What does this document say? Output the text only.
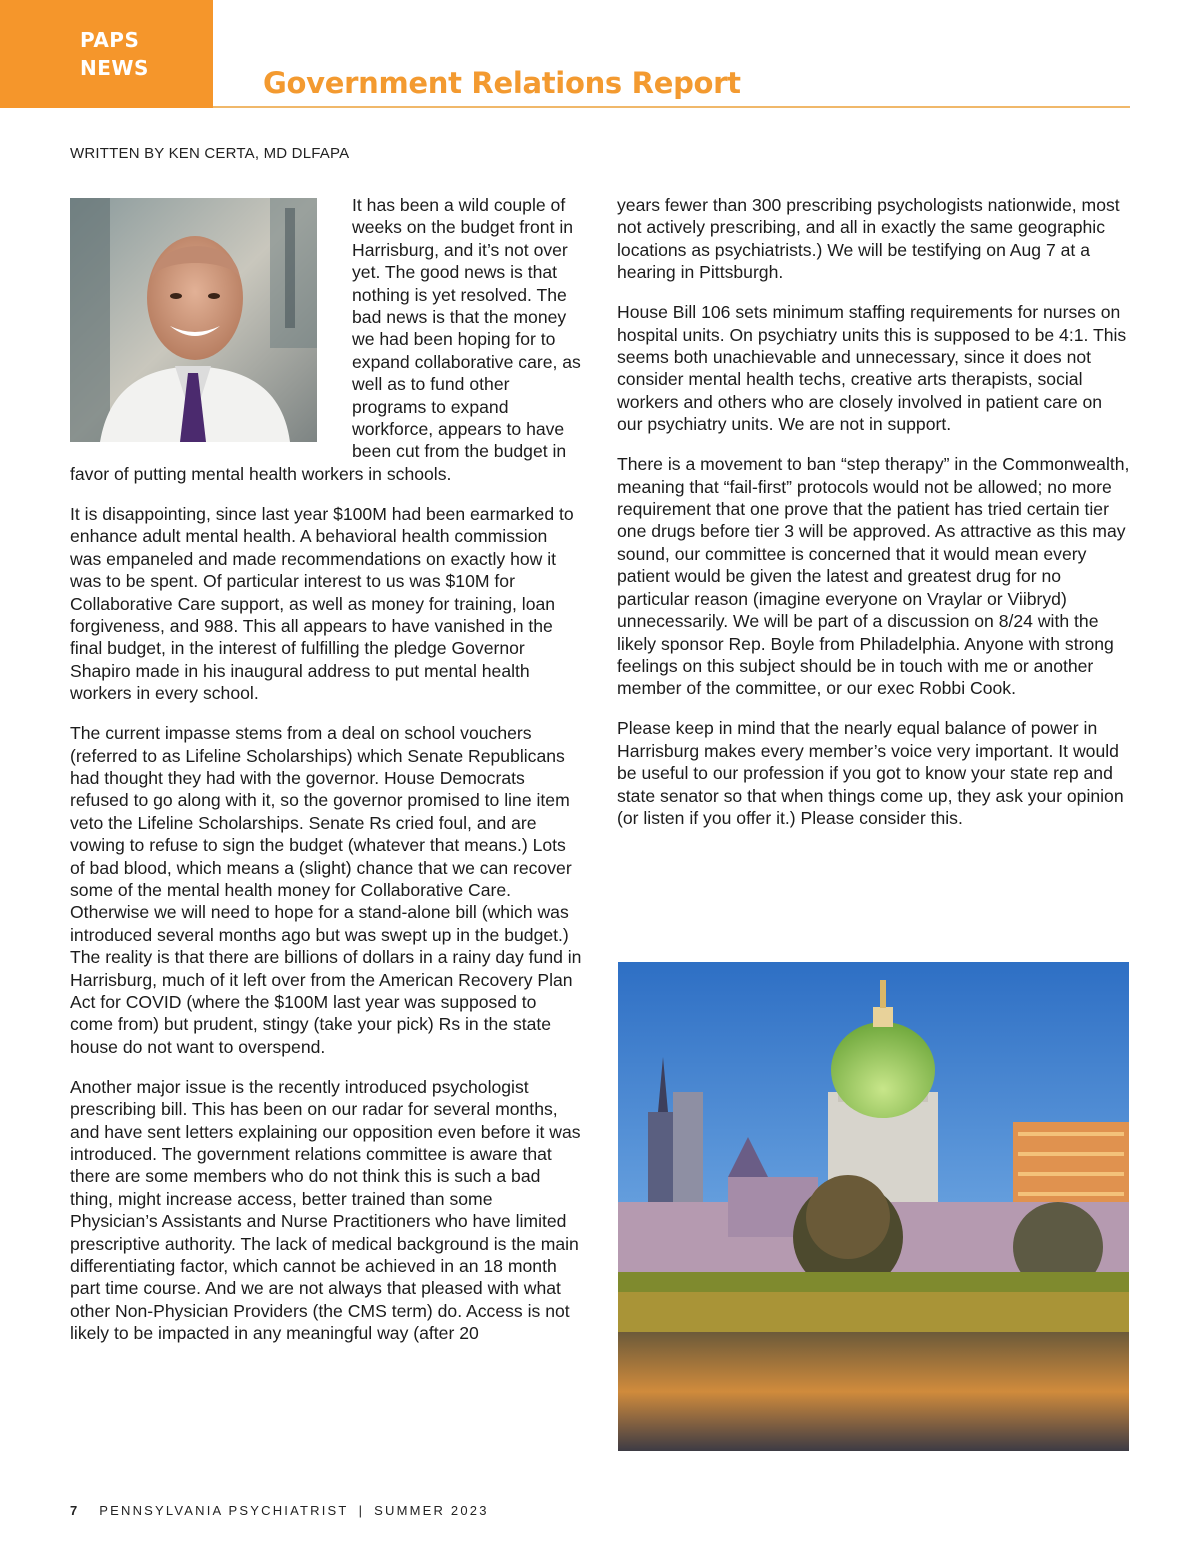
PAPS
NEWS	Government Relations Report
WRITTEN BY KEN CERTA, MD DLFAPA

It has been a wild couple of weeks on the budget front in Harrisburg, and it’s not over yet. The good news is that nothing is yet resolved. The bad news is that the money we had been hoping for to expand collaborative care, as well as to fund other programs to expand workforce, appears to have been cut from the budget in favor of putting mental health workers in schools.

It is disappointing, since last year $100M had been earmarked to enhance adult mental health. A behavioral health commission was empaneled and made recommendations on exactly how it was to be spent. Of particular interest to us was $10M for Collaborative Care support, as well as money for training, loan forgiveness, and 988. This all appears to have vanished in the final budget, in the interest of fulfilling the pledge Governor Shapiro made in his inaugural address to put mental health workers in every school.

The current impasse stems from a deal on school vouchers (referred to as Lifeline Scholarships) which Senate Republicans had thought they had with the governor. House Democrats refused to go along with it, so the governor promised to line item veto the Lifeline Scholarships. Senate Rs cried foul, and are vowing to refuse to sign the budget (whatever that means.) Lots of bad blood, which means a (slight) chance that we can recover some of the mental health money for Collaborative Care. Otherwise we will need to hope for a stand-alone bill (which was introduced several months ago but was swept up in the budget.) The reality is that there are billions of dollars in a rainy day fund in Harrisburg, much of it left over from the American Recovery Plan Act for COVID (where the $100M last year was supposed to come from) but prudent, stingy (take your pick) Rs in the state house do not want to overspend.

Another major issue is the recently introduced psychologist prescribing bill. This has been on our radar for several months, and have sent letters explaining our opposition even before it was introduced. The government relations committee is aware that there are some members who do not think this is such a bad thing, might increase access, better trained than some Physician’s Assistants and Nurse Practitioners who have limited prescriptive authority. The lack of medical background is the main differentiating factor, which cannot be achieved in an 18 month part time course. And we are not always that pleased with what other Non-Physician Providers (the CMS term) do. Access is not likely to be impacted in any meaningful way (after 20

years fewer than 300 prescribing psychologists nationwide, most not actively prescribing, and all in exactly the same geographic locations as psychiatrists.) We will be testifying on Aug 7 at a hearing in Pittsburgh.

House Bill 106 sets minimum staffing requirements for nurses on hospital units. On psychiatry units this is supposed to be 4:1. This seems both unachievable and unnecessary, since it does not consider mental health techs, creative arts therapists, social workers and others who are closely involved in patient care on our psychiatry units. We are not in support.

There is a movement to ban “step therapy” in the Commonwealth, meaning that “fail-first” protocols would not be allowed; no more requirement that one prove that the patient has tried certain tier one drugs before tier 3 will be approved. As attractive as this may sound, our committee is concerned that it would mean every patient would be given the latest and greatest drug for no particular reason (imagine everyone on Vraylar or Viibryd) unnecessarily. We will be part of a discussion on 8/24 with the likely sponsor Rep. Boyle from Philadelphia. Anyone with strong feelings on this subject should be in touch with me or another member of the committee, or our exec Robbi Cook.

Please keep in mind that the nearly equal balance of power in Harrisburg makes every member’s voice very important. It would be useful to our profession if you got to know your state rep and state senator so that when things come up, they ask your opinion (or listen if you offer it.) Please consider this.

7 PENNSYLVANIA PSYCHIATRIST | SUMMER 2023
